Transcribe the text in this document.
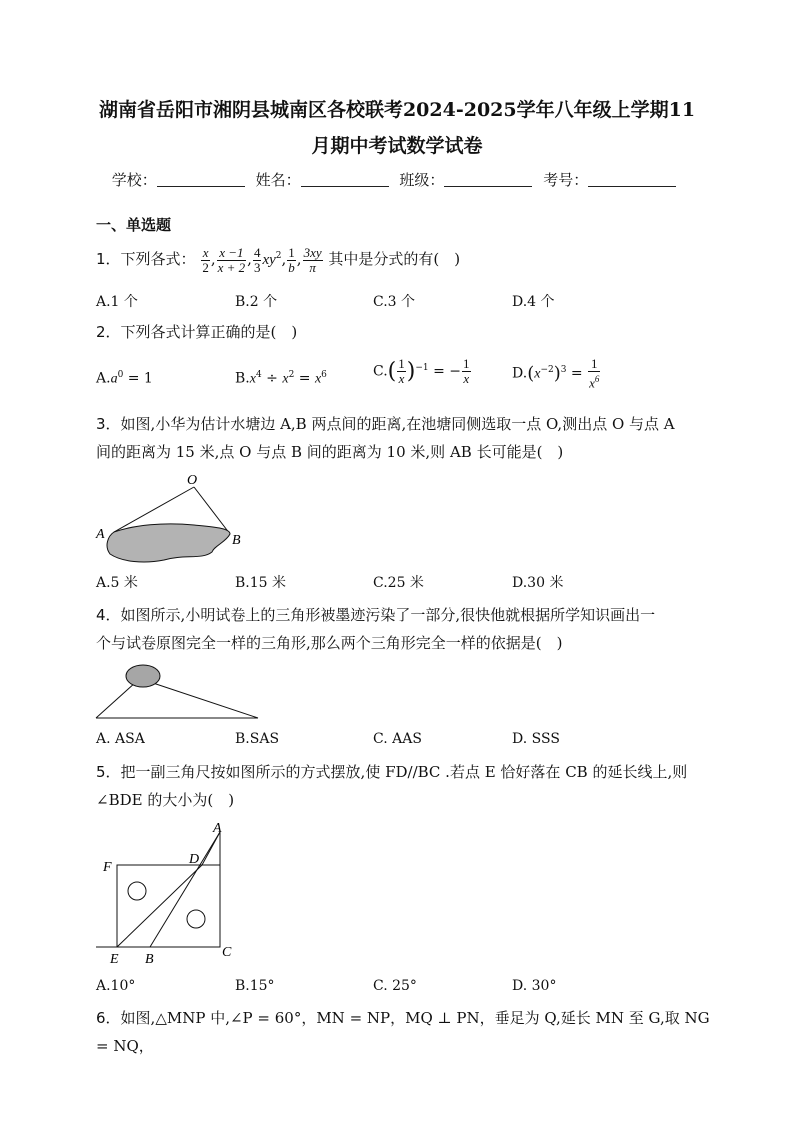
湖南省岳阳市湘阴县城南区各校联考2024-2025学年八年级上学期11
月期中考试数学试卷
学校：	姓名：	班级：	考号：
一、单选题
1．下列各式： $\frac{x}{2}$ , $\frac{x -1}{x + 2}$ , $\frac{4}{3} xy^2$, $\frac{1}{b}$ , $\frac{3xy}{\pi}$ 其中是分式的有(　)
A.1 个	B.2 个	C.3 个	D.4 个
2．下列各式计算正确的是(　)
$A.a^0 = 1$	$B.x^4 \div x^2 = x^6$	$C.( \frac{1}{x} )^{-1}$ = − $\frac{1}{x}$	$D.(x^{-2})^3 = \frac{1}{x^6}$
3．如图,小华为估计水塘边 A,B 两点间的距离,在池塘同侧选取一点 O,测出点 O 与点 A
间的距离为 15 米,点 O 与点 B 间的距离为 10 米,则 AB 长可能是(　)
O
A	B
A.5 米	B.15 米	C.25 米	D.30 米
4．如图所示,小明试卷上的三角形被墨迹污染了一部分,很快他就根据所学知识画出一
个与试卷原图完全一样的三角形,那么两个三角形完全一样的依据是(　)
A. ASA	B.SAS	C. AAS	D. SSS
5．把一副三角尺按如图所示的方式摆放,使 FD//BC .若点 E 恰好落在 CB 的延长线上,则
∠BDE 的大小为(　)
A
D
F
E B	C
A.10°	B.15°	C. 25°	D. 30°
6．如图,△MNP 中,∠P = 60°，MN = NP，MQ ⊥ PN，垂足为 Q,延长 MN 至 G,取 NG = NQ，
